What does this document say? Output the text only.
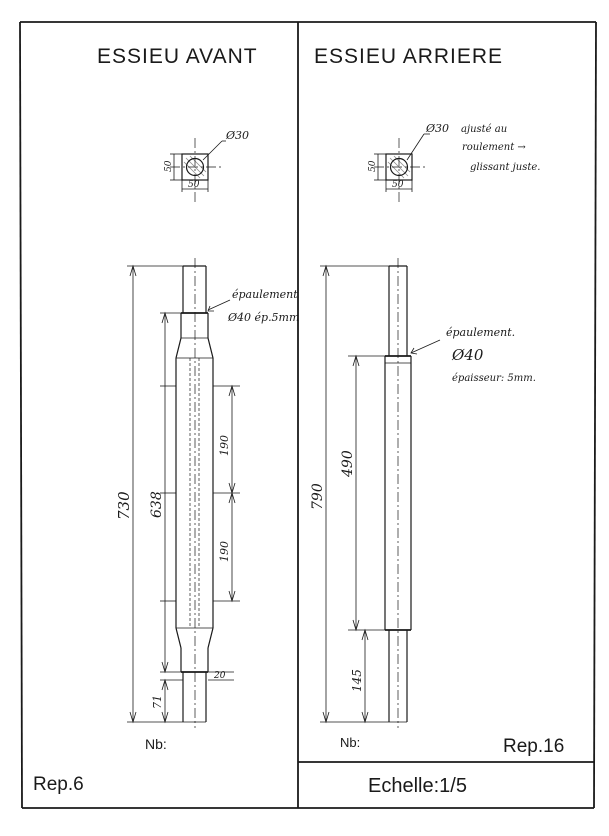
ESSIEU AVANT
Ø30
50
50
730 638
190
190
20
71
épaulement
Ø40 ép.5mm
Nb:
Rep.6
ESSIEU ARRIERE
Ø30 ajusté au
roulement →
glissant juste.
50
50
790
490
145
épaulement.
Ø40
épaisseur: 5mm.
Nb:	Rep.16
Echelle:1/5
